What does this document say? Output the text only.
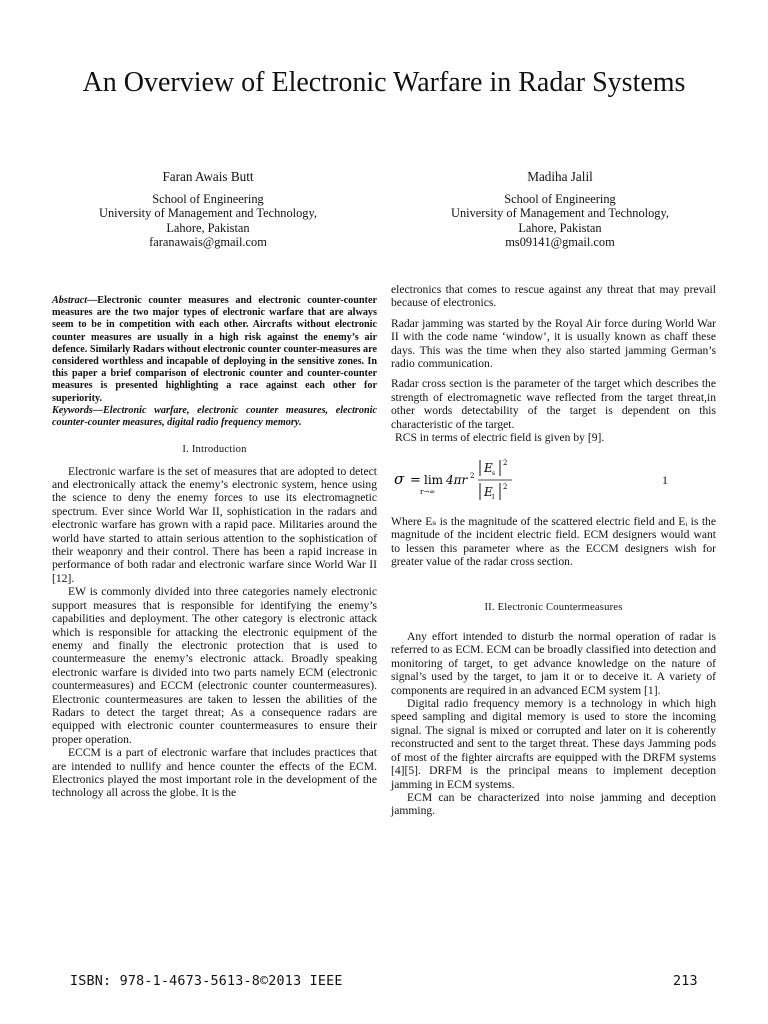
An Overview of Electronic Warfare in Radar Systems
Faran Awais Butt
School of Engineering
University of Management and Technology,
Lahore, Pakistan
faranawais@gmail.com
Madiha Jalil
School of Engineering
University of Management and Technology,
Lahore, Pakistan
ms09141@gmail.com

Abstract—Electronic counter measures and electronic counter-counter measures are the two major types of electronic warfare that are always seem to be in competition with each other. Aircrafts without electronic counter measures are usually in a high risk against the enemy’s air defence. Similarly Radars without electronic counter counter-measures are considered worthless and incapable of deploying in the sensitive zones. In this paper a brief comparison of electronic counter and counter-counter measures is presented highlighting a race against each other for superiority.

Keywords—Electronic warfare, electronic counter measures, electronic counter-counter measures, digital radio frequency memory.

I. Introduction

Electronic warfare is the set of measures that are adopted to detect and electronically attack the enemy’s electronic system, hence using the science to deny the enemy forces to use its electromagnetic spectrum. Ever since World War II, sophistication in the radars and electronic warfare has grown with a rapid pace. Militaries around the world have started to attain serious attention to the sophistication of their weaponry and their control. There has been a rapid increase in performance of both radar and electronic warfare since World War II [12].

EW is commonly divided into three categories namely electronic support measures that is responsible for identifying the enemy’s capabilities and deployment. The other category is electronic attack which is responsible for attacking the electronic equipment of the enemy and finally the electronic protection that is used to countermeasure the enemy’s electronic attack. Broadly speaking electronic warfare is divided into two parts namely ECM (electronic countermeasures) and ECCM (electronic counter countermeasures). Electronic countermeasures are taken to lessen the abilities of the Radars to detect the target threat; As a consequence radars are equipped with electronic counter countermeasures to ensure their proper operation.

ECCM is a part of electronic warfare that includes practices that are intended to nullify and hence counter the effects of the ECM. Electronics played the most important role in the development of the technology all across the globe. It is the

electronics that comes to rescue against any threat that may prevail because of electronics.

Radar jamming was started by the Royal Air force during World War II with the code name ‘window’, it is usually known as chaff these days. This was the time when they also started jamming German’s radio communication.

Radar cross section is the parameter of the target which describes the strength of electromagnetic wave reflected from the target threat,in other words detectability of the target is dependent on this characteristic of the target.

RCS in terms of electric field is given by [9].

σ = lim
r→∞
4πr 2
E s
2
E I
2	1

Where Eₛ is the magnitude of the scattered electric field and Eᵢ is the magnitude of the incident electric field. ECM designers would want to lessen this parameter where as the ECCM designers wish for greater value of the radar cross section.

II. Electronic Countermeasures

Any effort intended to disturb the normal operation of radar is referred to as ECM. ECM can be broadly classified into detection and monitoring of target, to get advance knowledge on the nature of signal’s used by the target, to jam it or to deceive it. A variety of components are required in an advanced ECM system [1].

Digital radio frequency memory is a technology in which high speed sampling and digital memory is used to store the incoming signal. The signal is mixed or corrupted and later on it is coherently reconstructed and sent to the target threat. These days Jamming pods of most of the fighter aircrafts are equipped with the DRFM systems [4][5]. DRFM is the principal means to implement deception jamming in ECM systems.

ECM can be characterized into noise jamming and deception jamming.

ISBN: 978-1-4673-5613-8©2013 IEEE	213
